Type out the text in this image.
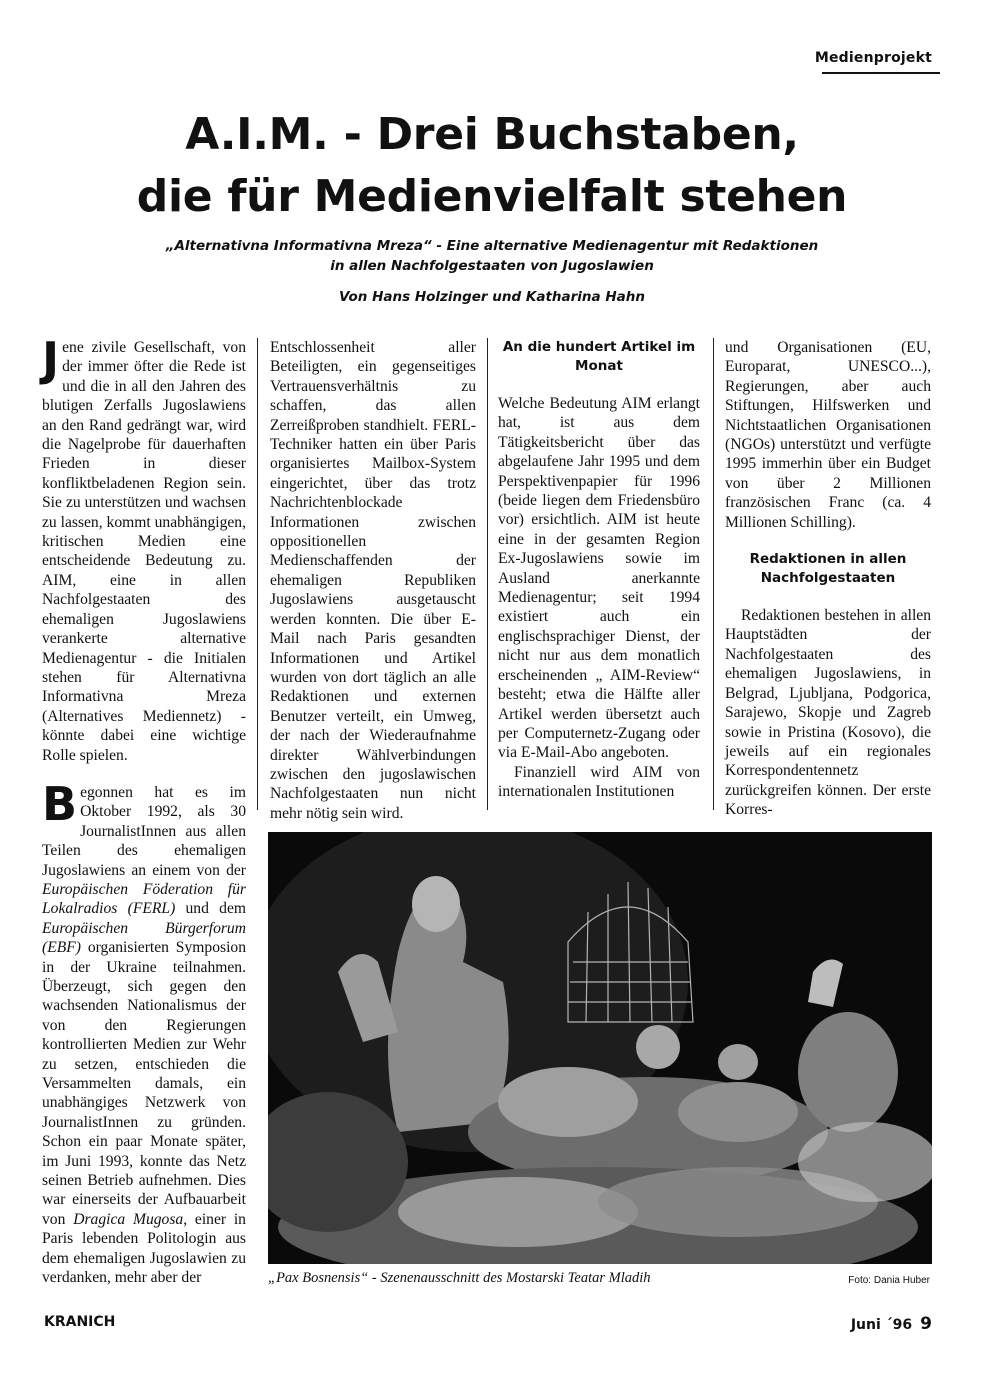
Medienprojekt
A.I.M. - Drei Buchstaben,
die für Medienvielfalt stehen
„Alternativna Informativna Mreza“ - Eine alternative Medienagentur mit Redaktionen
in allen Nachfolgestaaten von Jugoslawien
Von Hans Holzinger und Katharina Hahn

Jene zivile Gesellschaft, von der immer öfter die Rede ist und die in all den Jahren des blutigen Zerfalls Jugoslawiens an den Rand gedrängt war, wird die Nagelprobe für dauerhaften Frieden in dieser konfliktbeladenen Region sein. Sie zu unterstützen und wachsen zu lassen, kommt unabhängigen, kritischen Medien eine entscheidende Bedeutung zu. AIM, eine in allen Nachfolgestaaten des ehemaligen Jugoslawiens verankerte alternative Medienagentur - die Initialen stehen für Alternativna Informativna Mreza (Alternatives Mediennetz) - könnte dabei eine wichtige Rolle spielen.

Begonnen hat es im Oktober 1992, als 30 JournalistInnen aus allen Teilen des ehemaligen Jugoslawiens an einem von der Europäischen Föderation für Lokalradios (FERL) und dem Europäischen Bürgerforum (EBF) organisierten Symposion in der Ukraine teilnahmen. Überzeugt, sich gegen den wachsenden Nationalismus der von den Regierungen kontrollierten Medien zur Wehr zu setzen, entschieden die Versammelten damals, ein unabhängiges Netzwerk von JournalistInnen zu gründen. Schon ein paar Monate später, im Juni 1993, konnte das Netz seinen Betrieb aufnehmen. Dies war einerseits der Aufbauarbeit von Dragica Mugosa, einer in Paris lebenden Politologin aus dem ehemaligen Jugoslawien zu verdanken, mehr aber der

Entschlossenheit aller Beteiligten, ein gegenseitiges Vertrauensverhältnis zu schaffen, das allen Zerreißproben standhielt. FERL-Techniker hatten ein über Paris organisiertes Mailbox-System eingerichtet, über das trotz Nachrichtenblockade Informationen zwischen oppositionellen Medienschaffenden der ehemaligen Republiken Jugoslawiens ausgetauscht werden konnten. Die über E-Mail nach Paris gesandten Informationen und Artikel wurden von dort täglich an alle Redaktionen und externen Benutzer verteilt, ein Umweg, der nach der Wiederaufnahme direkter Wählverbindungen zwischen den jugoslawischen Nachfolgestaaten nun nicht mehr nötig sein wird.

An die hundert Artikel im Monat

Welche Bedeutung AIM erlangt hat, ist aus dem Tätigkeitsbericht über das abgelaufene Jahr 1995 und dem Perspektivenpapier für 1996 (beide liegen dem Friedensbüro vor) ersichtlich. AIM ist heute eine in der gesamten Region Ex-Jugoslawiens sowie im Ausland anerkannte Medienagentur; seit 1994 existiert auch ein englischsprachiger Dienst, der nicht nur aus dem monatlich erscheinenden „ AIM-Review“ besteht; etwa die Hälfte aller Artikel werden übersetzt auch per Computernetz-Zugang oder via E-Mail-Abo angeboten.

Finanziell wird AIM von internationalen Institutionen

und Organisationen (EU, Europarat, UNESCO...), Regierungen, aber auch Stiftungen, Hilfswerken und Nichtstaatlichen Organisationen (NGOs) unterstützt und verfügte 1995 immerhin über ein Budget von über 2 Millionen französischen Franc (ca. 4 Millionen Schilling).

Redaktionen in allen Nachfolgestaaten

Redaktionen bestehen in allen Hauptstädten der Nachfolgestaaten des ehemaligen Jugoslawiens, in Belgrad, Ljubljana, Podgorica, Sarajewo, Skopje und Zagreb sowie in Pristina (Kosovo), die jeweils auf ein regionales Korrespondentennetz zurückgreifen können. Der erste Korres-

„Pax Bosnensis“ - Szenenausschnitt des Mostarski Teatar Mladih	Foto: Dania Huber
KRANICH	Juni ´96 9
